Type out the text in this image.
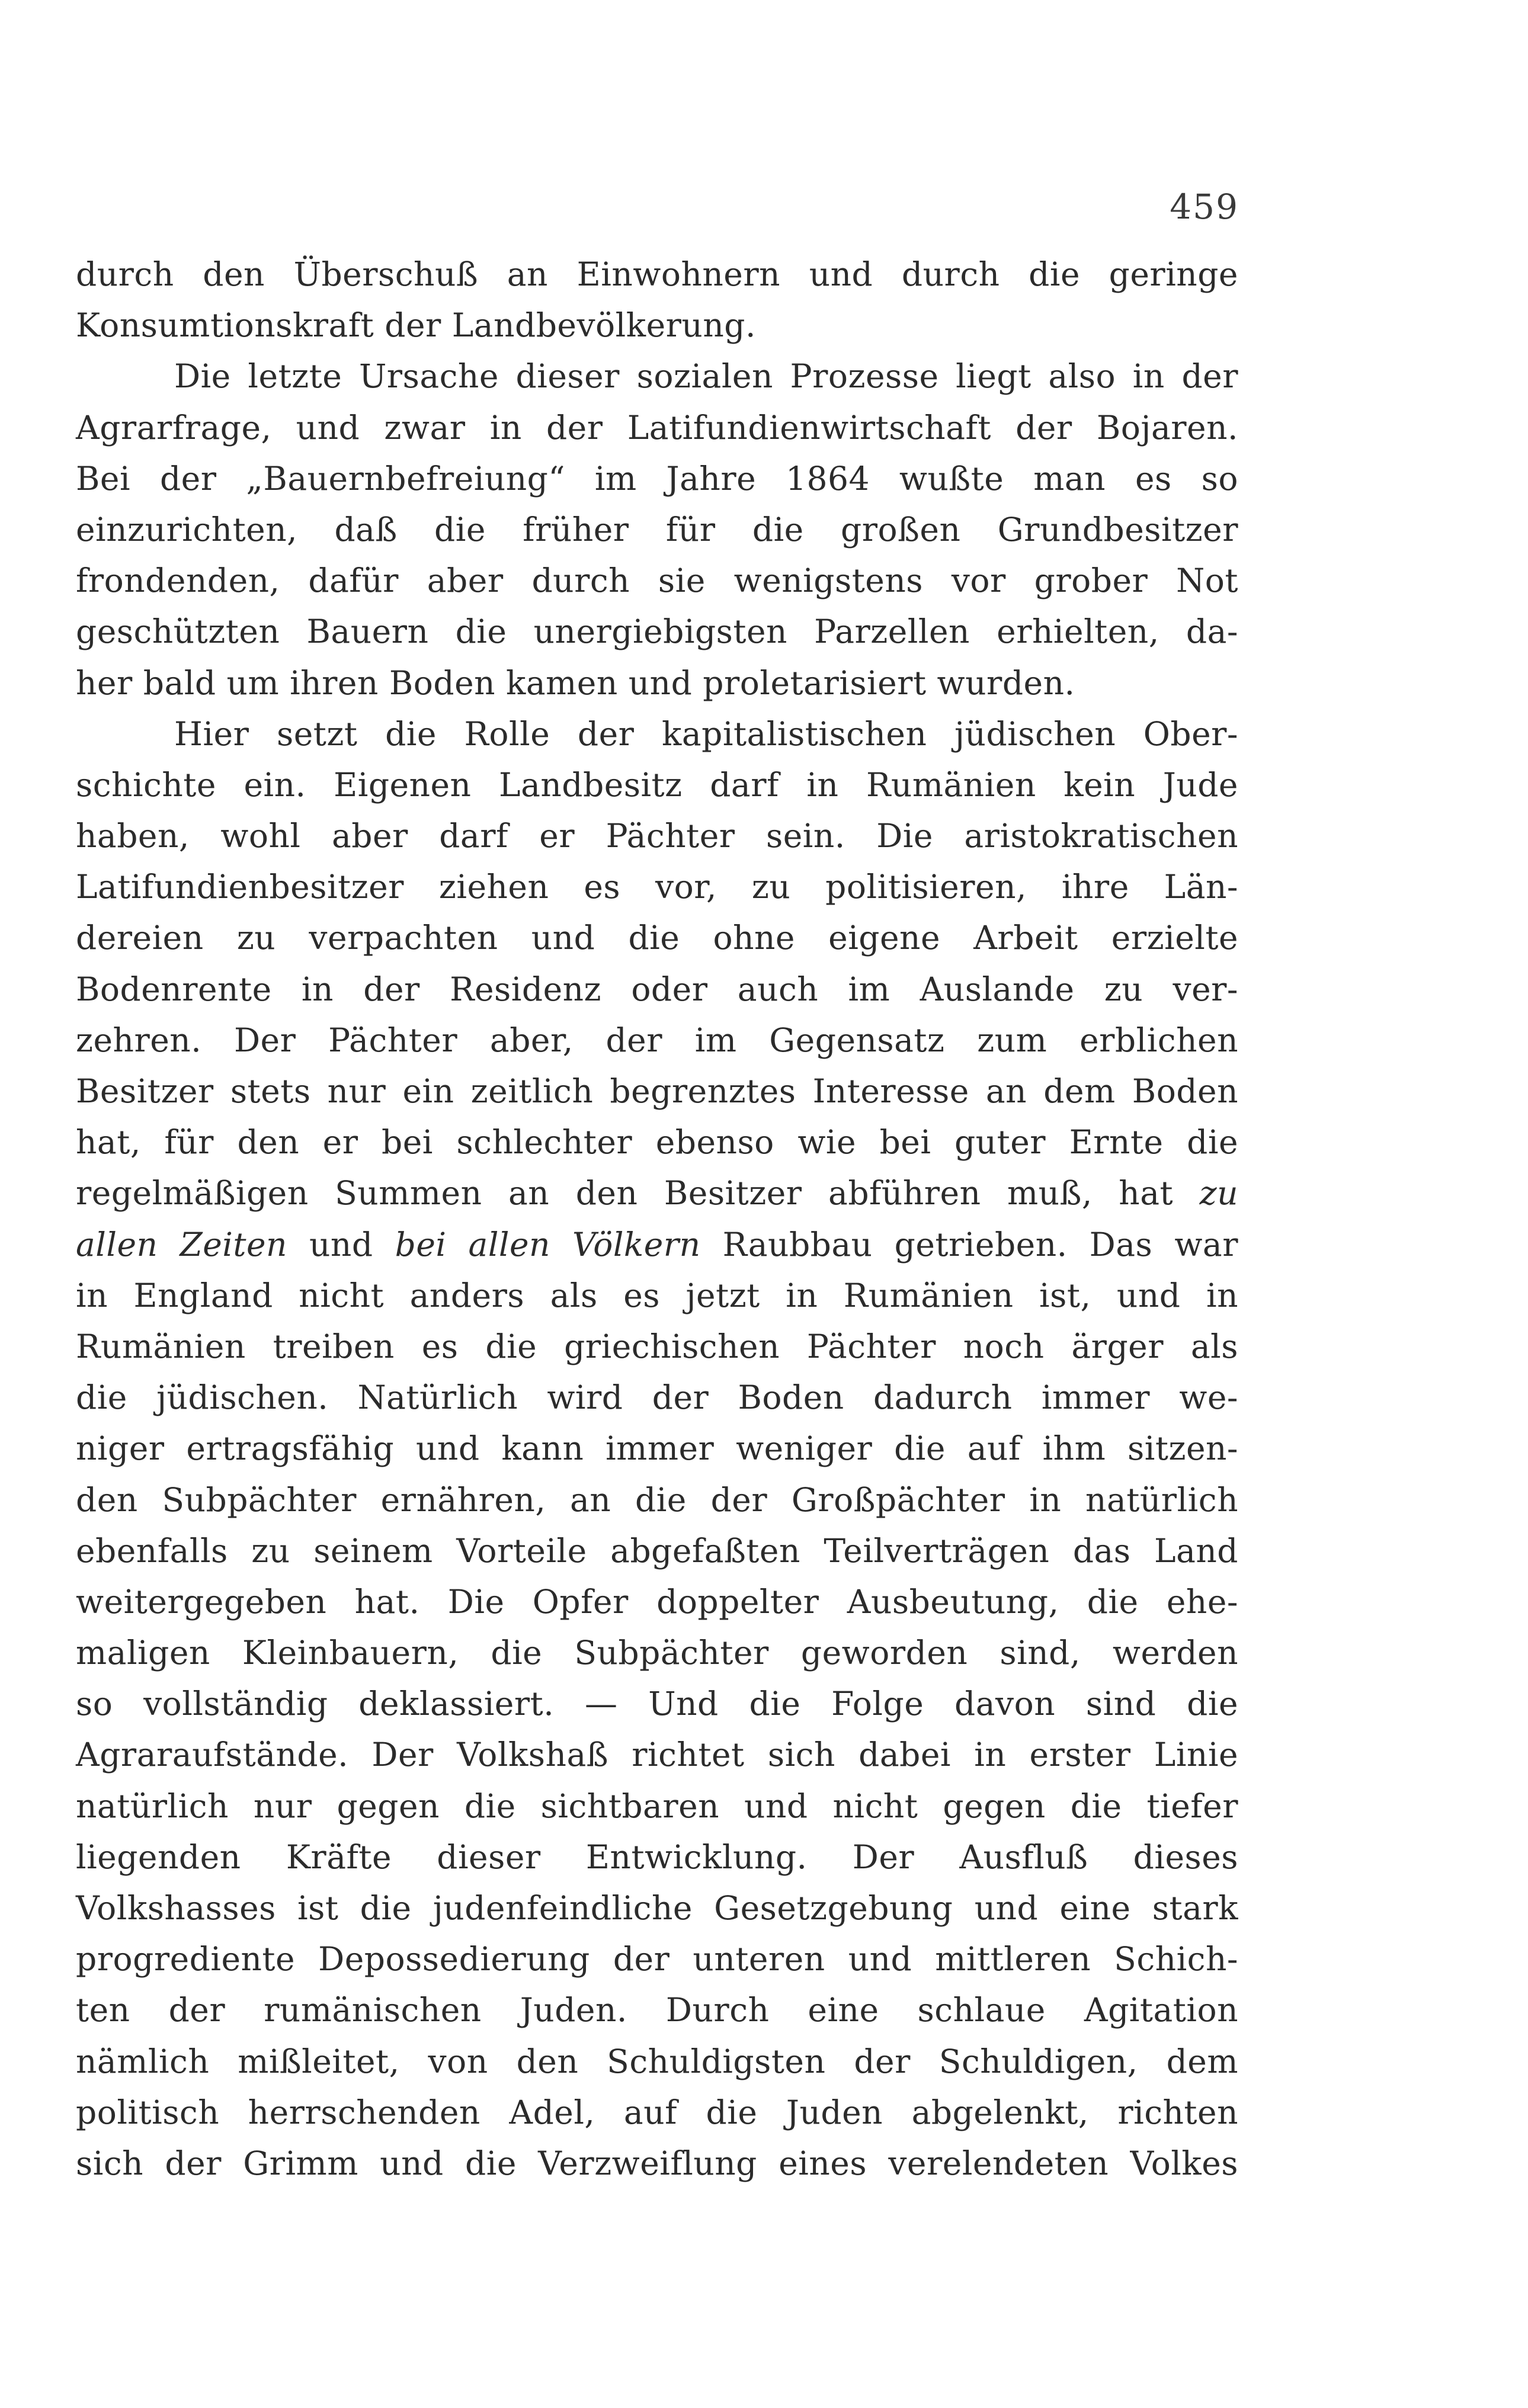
459
durch den Überschuß an Einwohnern und durch die geringe
Konsumtionskraft der Landbevölkerung.
Die letzte Ursache dieser sozialen Prozesse liegt also in der
Agrarfrage, und zwar in der Latifundienwirtschaft der Bojaren.
Bei der „Bauernbefreiung“ im Jahre 1864 wußte man es so
einzurichten, daß die früher für die großen Grundbesitzer
frondenden, dafür aber durch sie wenigstens vor grober Not
geschützten Bauern die unergiebigsten Parzellen erhielten, da-
her bald um ihren Boden kamen und proletarisiert wurden.
Hier setzt die Rolle der kapitalistischen jüdischen Ober-
schichte ein. Eigenen Landbesitz darf in Rumänien kein Jude
haben, wohl aber darf er Pächter sein. Die aristokratischen
Latifundienbesitzer ziehen es vor, zu politisieren, ihre Län-
dereien zu verpachten und die ohne eigene Arbeit erzielte
Bodenrente in der Residenz oder auch im Auslande zu ver-
zehren. Der Pächter aber, der im Gegensatz zum erblichen
Besitzer stets nur ein zeitlich begrenztes Interesse an dem Boden
hat, für den er bei schlechter ebenso wie bei guter Ernte die
regelmäßigen Summen an den Besitzer abführen muß, hat zu
allen Zeiten und bei allen Völkern Raubbau getrieben. Das war
in England nicht anders als es jetzt in Rumänien ist, und in
Rumänien treiben es die griechischen Pächter noch ärger als
die jüdischen. Natürlich wird der Boden dadurch immer we-
niger ertragsfähig und kann immer weniger die auf ihm sitzen-
den Subpächter ernähren, an die der Großpächter in natürlich
ebenfalls zu seinem Vorteile abgefaßten Teilverträgen das Land
weitergegeben hat. Die Opfer doppelter Ausbeutung, die ehe-
maligen Kleinbauern, die Subpächter geworden sind, werden
so vollständig deklassiert. — Und die Folge davon sind die
Agraraufstände. Der Volkshaß richtet sich dabei in erster Linie
natürlich nur gegen die sichtbaren und nicht gegen die tiefer
liegenden Kräfte dieser Entwicklung. Der Ausfluß dieses
Volkshasses ist die judenfeindliche Gesetzgebung und eine stark
progrediente Depossedierung der unteren und mittleren Schich-
ten der rumänischen Juden. Durch eine schlaue Agitation
nämlich mißleitet, von den Schuldigsten der Schuldigen, dem
politisch herrschenden Adel, auf die Juden abgelenkt, richten
sich der Grimm und die Verzweiflung eines verelendeten Volkes
